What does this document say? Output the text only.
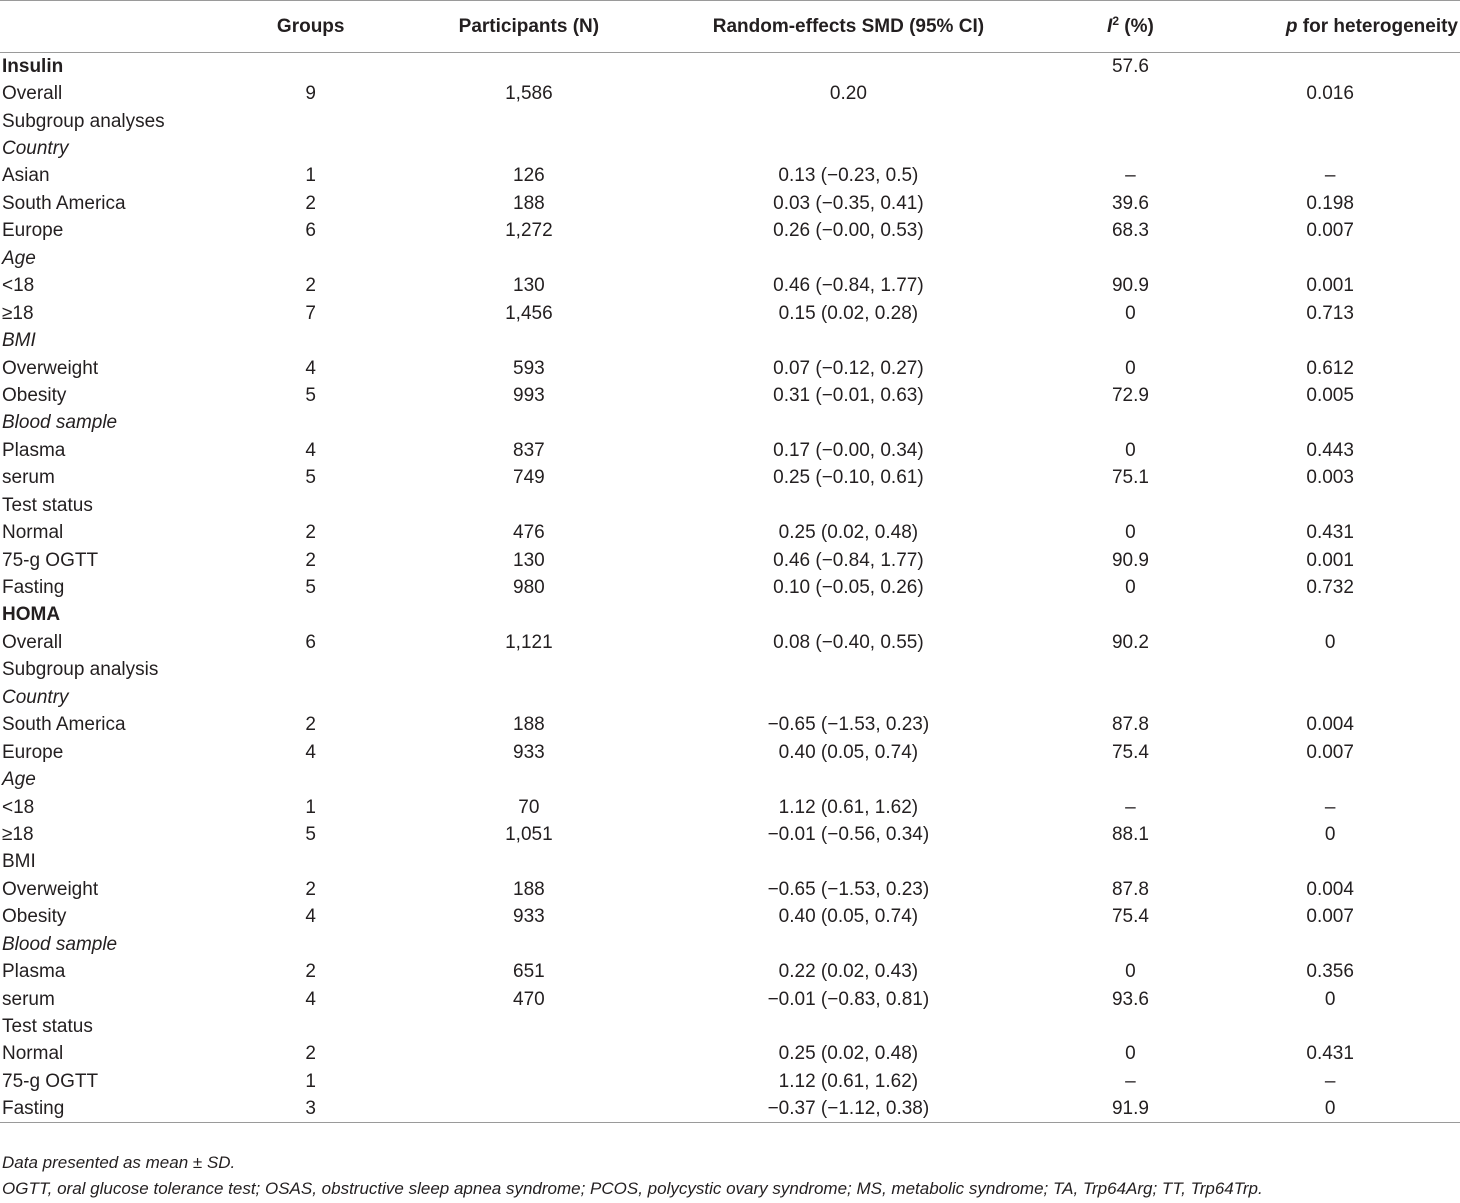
	Groups	Participants (N)	Random-effects SMD (95% CI)	$I^2$ (%)	p for heterogeneity
Insulin				57.6	
Overall	9	1,586	0.20		0.016
Subgroup analyses					
Country					
Asian	1	126	0.13 (−0.23, 0.5)	–	–
South America	2	188	0.03 (−0.35, 0.41)	39.6	0.198
Europe	6	1,272	0.26 (−0.00, 0.53)	68.3	0.007
Age					
<18	2	130	0.46 (−0.84, 1.77)	90.9	0.001
≥18	7	1,456	0.15 (0.02, 0.28)	0	0.713
BMI					
Overweight	4	593	0.07 (−0.12, 0.27)	0	0.612
Obesity	5	993	0.31 (−0.01, 0.63)	72.9	0.005
Blood sample					
Plasma	4	837	0.17 (−0.00, 0.34)	0	0.443
serum	5	749	0.25 (−0.10, 0.61)	75.1	0.003
Test status					
Normal	2	476	0.25 (0.02, 0.48)	0	0.431
75-g OGTT	2	130	0.46 (−0.84, 1.77)	90.9	0.001
Fasting	5	980	0.10 (−0.05, 0.26)	0	0.732
HOMA					
Overall	6	1,121	0.08 (−0.40, 0.55)	90.2	0
Subgroup analysis					
Country					
South America	2	188	−0.65 (−1.53, 0.23)	87.8	0.004
Europe	4	933	0.40 (0.05, 0.74)	75.4	0.007
Age					
<18	1	70	1.12 (0.61, 1.62)	–	–
≥18	5	1,051	−0.01 (−0.56, 0.34)	88.1	0
BMI					
Overweight	2	188	−0.65 (−1.53, 0.23)	87.8	0.004
Obesity	4	933	0.40 (0.05, 0.74)	75.4	0.007
Blood sample					
Plasma	2	651	0.22 (0.02, 0.43)	0	0.356
serum	4	470	−0.01 (−0.83, 0.81)	93.6	0
Test status					
Normal	2		0.25 (0.02, 0.48)	0	0.431
75-g OGTT	1		1.12 (0.61, 1.62)	–	–
Fasting	3		−0.37 (−1.12, 0.38)	91.9	0
Data presented as mean ± SD.
OGTT, oral glucose tolerance test; OSAS, obstructive sleep apnea syndrome; PCOS, polycystic ovary syndrome; MS, metabolic syndrome; TA, Trp64Arg; TT, Trp64Trp.
